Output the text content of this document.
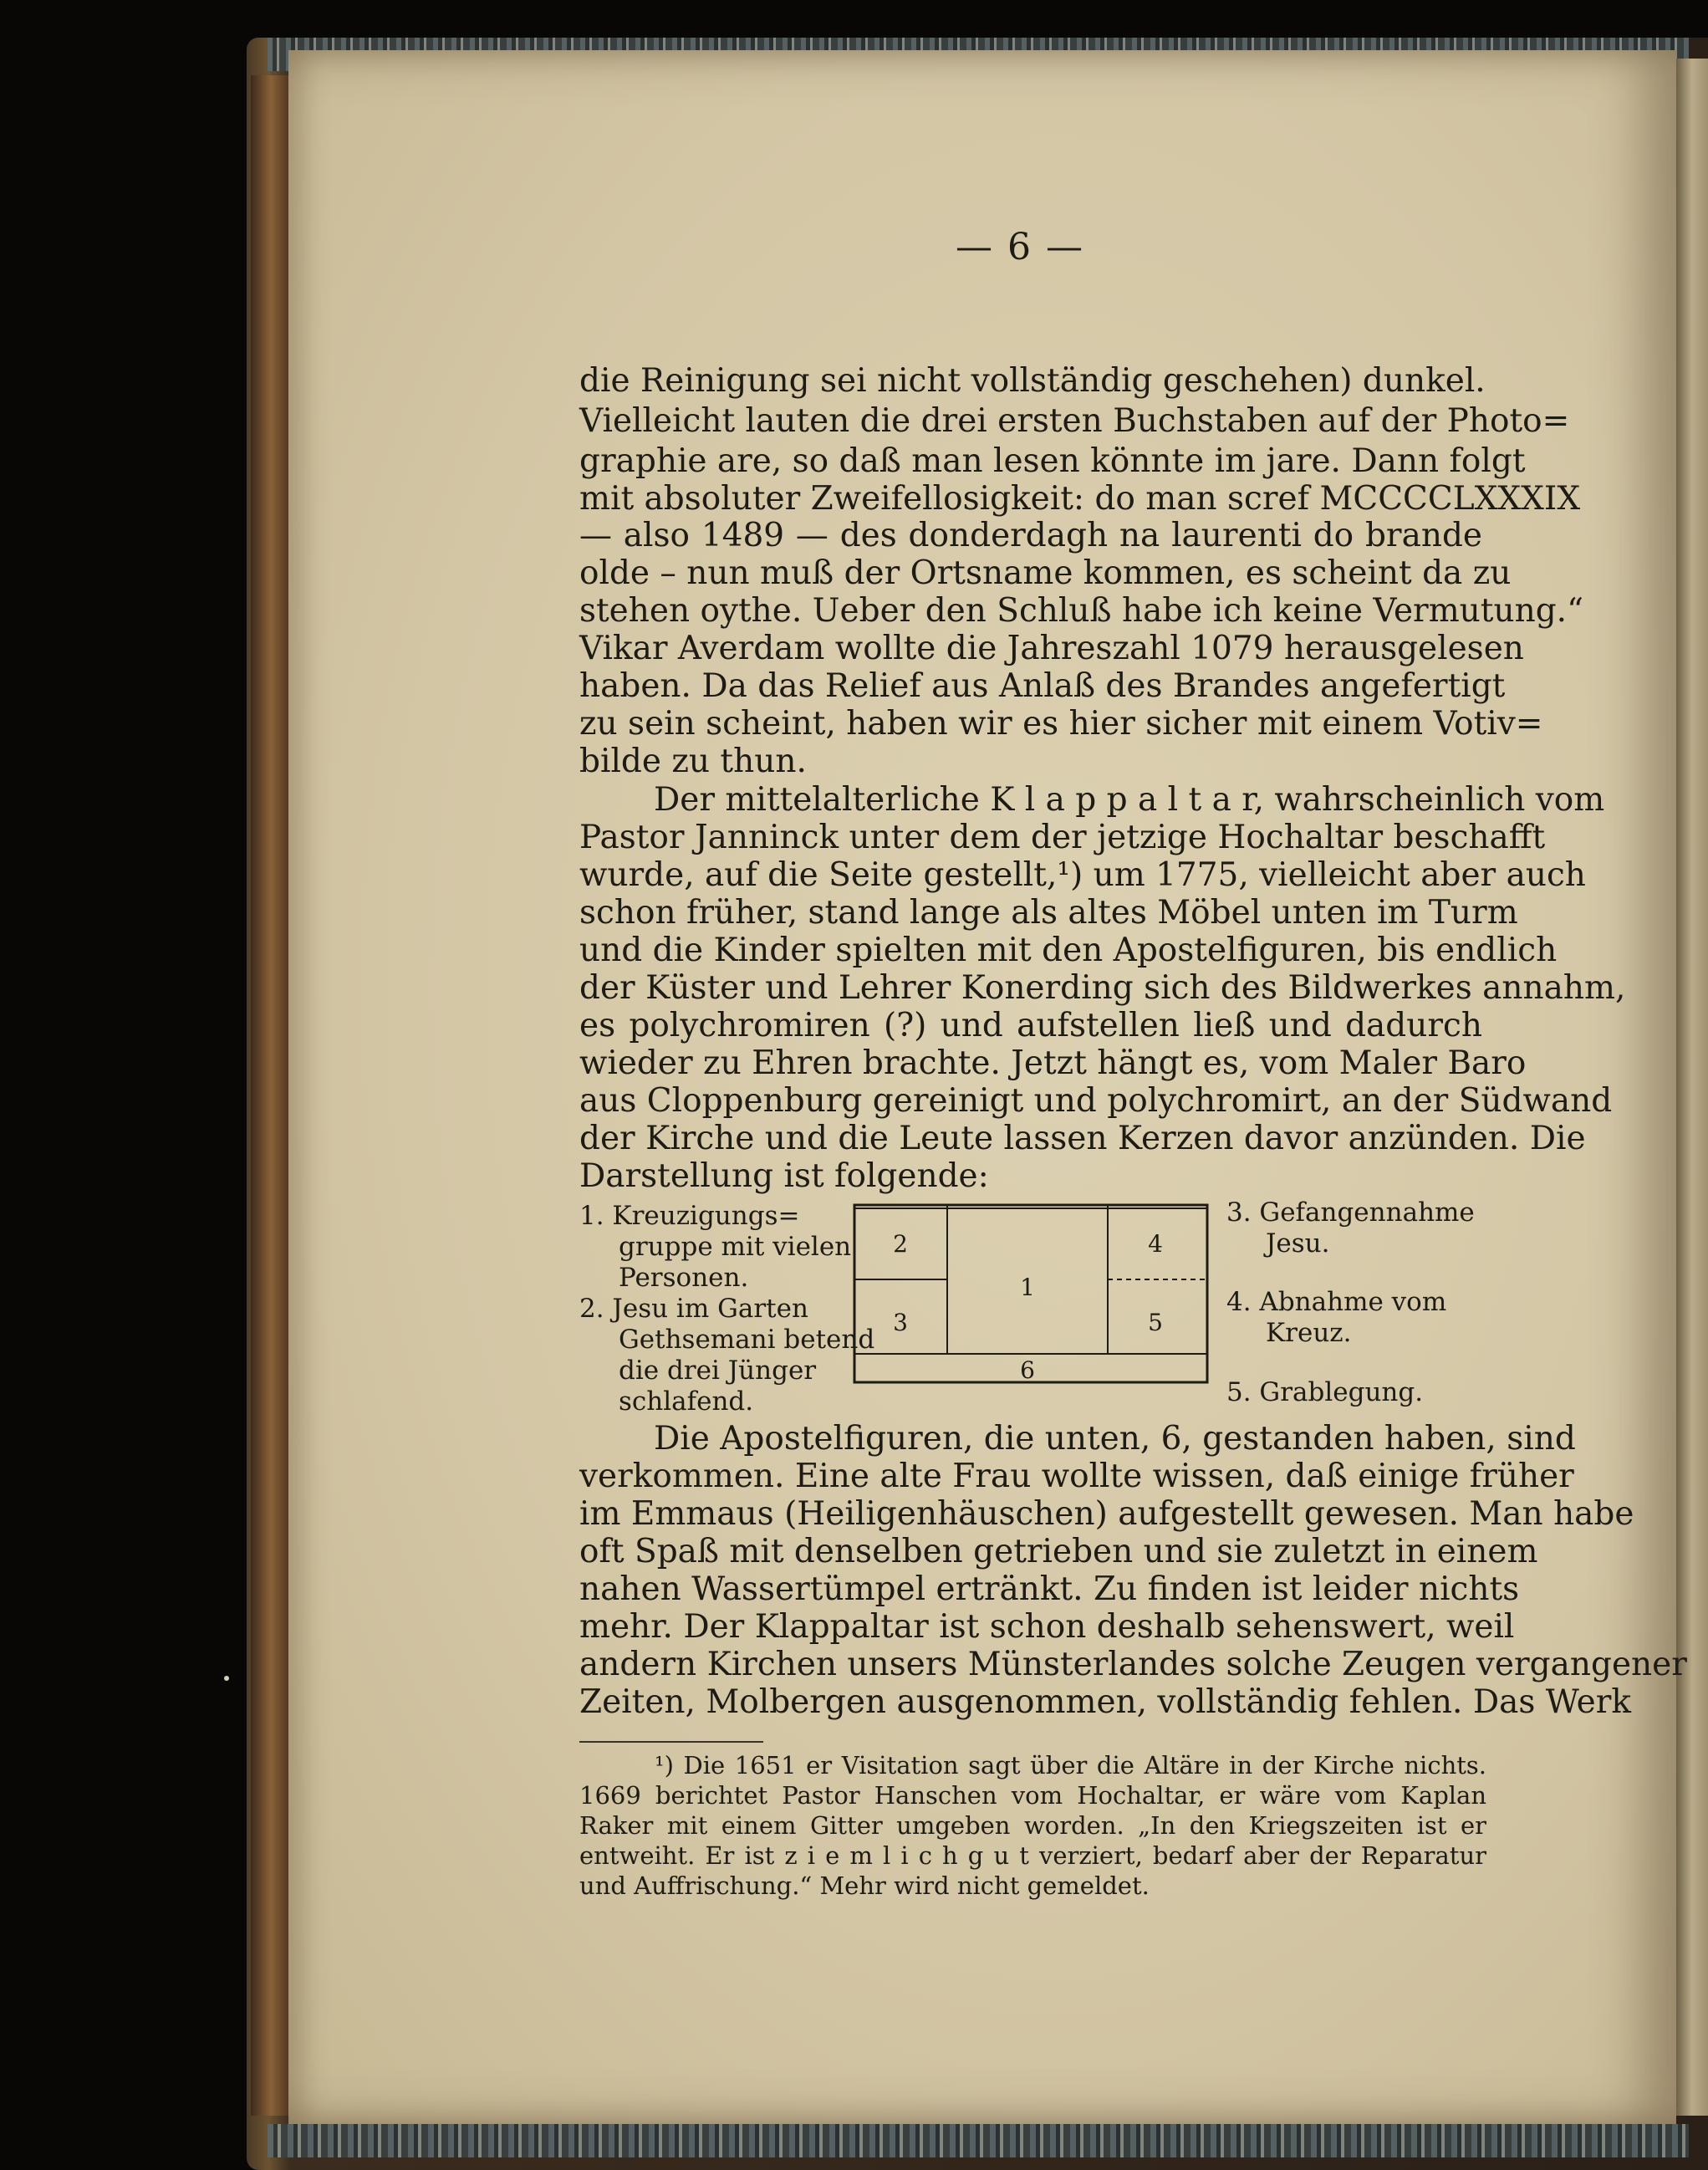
— 6 —
die Reinigung sei nicht vollständig geschehen) dunkel.
Vielleicht lauten die drei ersten Buchstaben auf der Photo=
graphie are, so daß man lesen könnte im jare. Dann folgt
mit absoluter Zweifellosigkeit: do man scref MCCCCLXXXIX
— also 1489 — des donderdagh na laurenti do brande
olde – nun muß der Ortsname kommen, es scheint da zu
stehen oythe. Ueber den Schluß habe ich keine Vermutung.“
Vikar Averdam wollte die Jahreszahl 1079 herausgelesen
haben. Da das Relief aus Anlaß des Brandes angefertigt
zu sein scheint, haben wir es hier sicher mit einem Votiv=
bilde zu thun.
Der mittelalterliche K l a p p a l t a r, wahrscheinlich vom
Pastor Janninck unter dem der jetzige Hochaltar beschafft
wurde, auf die Seite gestellt,¹) um 1775, vielleicht aber auch
schon früher, stand lange als altes Möbel unten im Turm
und die Kinder spielten mit den Apostelfiguren, bis endlich
der Küster und Lehrer Konerding sich des Bildwerkes annahm,
es polychromiren (?) und aufstellen ließ und dadurch
wieder zu Ehren brachte. Jetzt hängt es, vom Maler Baro
aus Cloppenburg gereinigt und polychromirt, an der Südwand
der Kirche und die Leute lassen Kerzen davor anzünden. Die
Darstellung ist folgende:
1. Kreuzigungs=
gruppe mit vielen
Personen.
2. Jesu im Garten
Gethsemani betend
die drei Jünger
schlafend.
1
2
3
4
5
6
3. Gefangennahme
Jesu.
4. Abnahme vom
Kreuz.
5. Grablegung.
Die Apostelfiguren, die unten, 6, gestanden haben, sind
verkommen. Eine alte Frau wollte wissen, daß einige früher
im Emmaus (Heiligenhäuschen) aufgestellt gewesen. Man habe
oft Spaß mit denselben getrieben und sie zuletzt in einem
nahen Wassertümpel ertränkt. Zu finden ist leider nichts
mehr. Der Klappaltar ist schon deshalb sehenswert, weil
andern Kirchen unsers Münsterlandes solche Zeugen vergangener
Zeiten, Molbergen ausgenommen, vollständig fehlen. Das Werk
¹) Die 1651 er Visitation sagt über die Altäre in der Kirche nichts.
1669 berichtet Pastor Hanschen vom Hochaltar, er wäre vom Kaplan
Raker mit einem Gitter umgeben worden. „In den Kriegszeiten ist er
entweiht. Er ist z i e m l i c h g u t verziert, bedarf aber der Reparatur
und Auffrischung.“ Mehr wird nicht gemeldet.
